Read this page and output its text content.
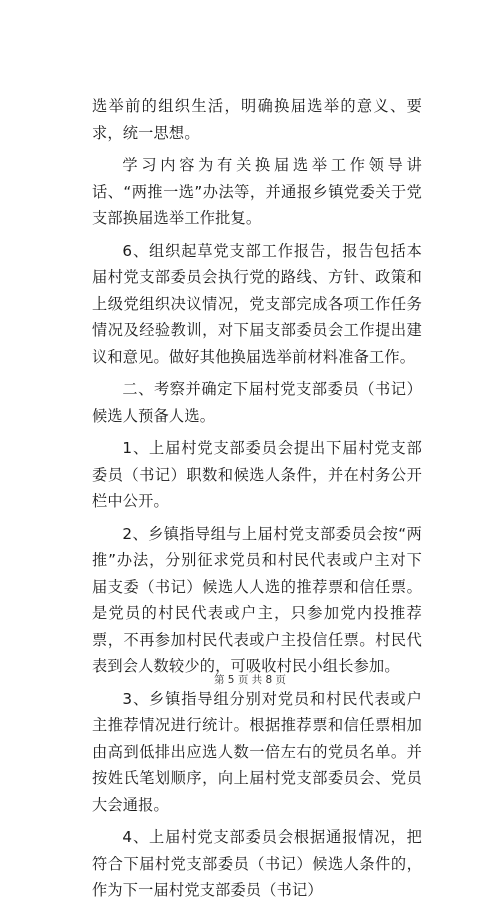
选举前的组织生活，明确换届选举的意义、要求，统一思想。

学习内容为有关换届选举工作领导讲话、“两推一选”办法等，并通报乡镇党委关于党支部换届选举工作批复。

6、组织起草党支部工作报告，报告包括本届村党支部委员会执行党的路线、方针、政策和上级党组织决议情况，党支部完成各项工作任务情况及经验教训，对下届支部委员会工作提出建议和意见。做好其他换届选举前材料准备工作。

二、考察并确定下届村党支部委员（书记）候选人预备人选。

1、上届村党支部委员会提出下届村党支部委员（书记）职数和候选人条件，并在村务公开栏中公开。

2、乡镇指导组与上届村党支部委员会按“两推”办法，分别征求党员和村民代表或户主对下届支委（书记）候选人人选的推荐票和信任票。是党员的村民代表或户主，只参加党内投推荐票，不再参加村民代表或户主投信任票。村民代表到会人数较少的，可吸收村民小组长参加。

3、乡镇指导组分别对党员和村民代表或户主推荐情况进行统计。根据推荐票和信任票相加由高到低排出应选人数一倍左右的党员名单。并按姓氏笔划顺序，向上届村党支部委员会、党员大会通报。

4、上届村党支部委员会根据通报情况，把符合下届村党支部委员（书记）候选人条件的，作为下一届村党支部委员（书记）

第 5 页 共 8 页
